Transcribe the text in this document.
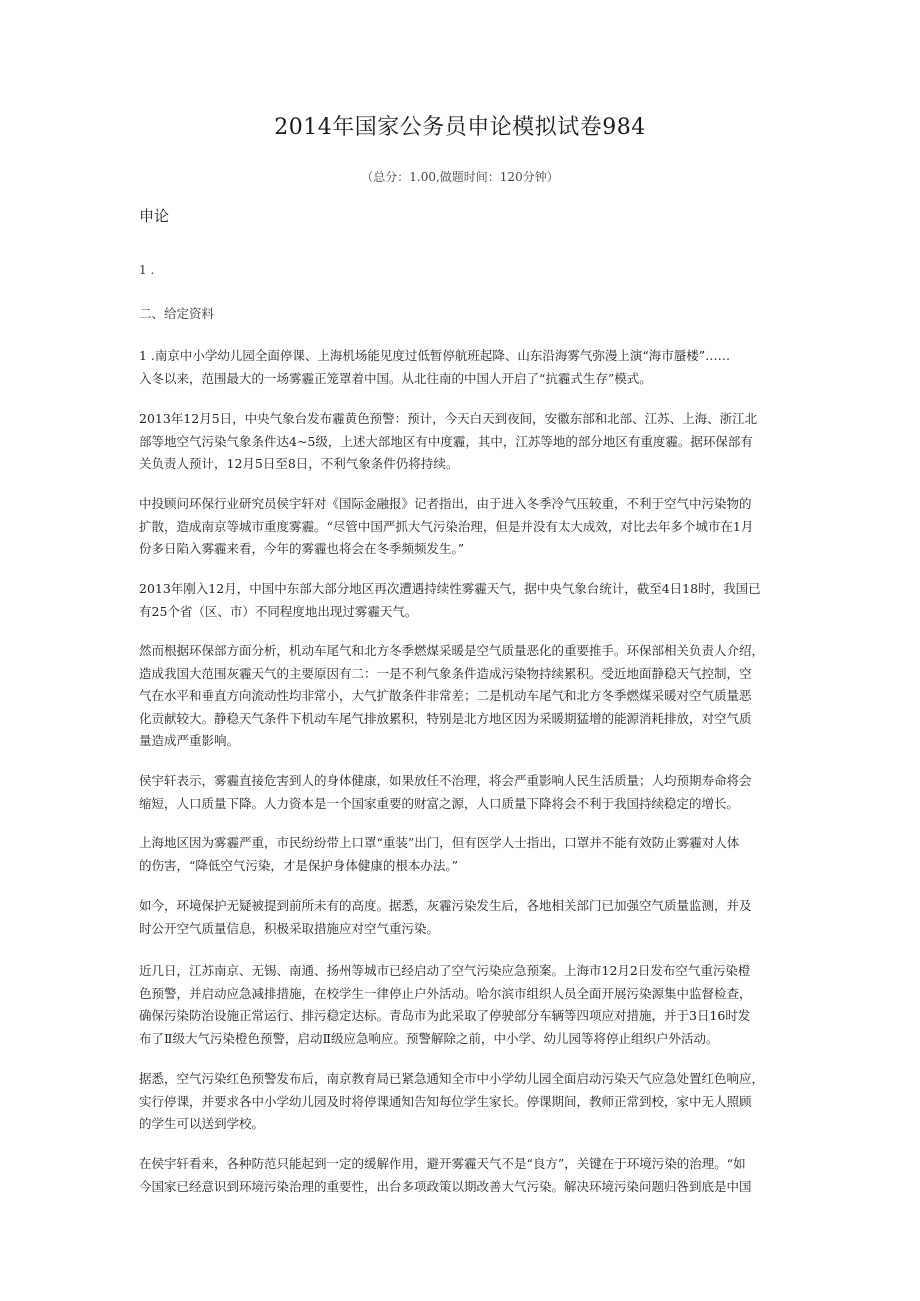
2014年国家公务员申论模拟试卷984
（总分：1.00,做题时间：120分钟）
申论
1 .
二、给定资料
1 .南京中小学幼儿园全面停课、上海机场能见度过低暂停航班起降、山东沿海雾气弥漫上演“海市蜃楼”……
入冬以来，范围最大的一场雾霾正笼罩着中国。从北往南的中国人开启了“抗霾式生存”模式。
2013年12月5日，中央气象台发布霾黄色预警：预计，今天白天到夜间，安徽东部和北部、江苏、上海、浙江北
部等地空气污染气象条件达4~5级，上述大部地区有中度霾，其中，江苏等地的部分地区有重度霾。据环保部有
关负责人预计，12月5日至8日，不利气象条件仍将持续。
中投顾问环保行业研究员侯宇轩对《国际金融报》记者指出，由于进入冬季冷气压较重，不利于空气中污染物的
扩散，造成南京等城市重度雾霾。“尽管中国严抓大气污染治理，但是并没有太大成效，对比去年多个城市在1月
份多日陷入雾霾来看，今年的雾霾也将会在冬季频频发生。”
2013年刚入12月，中国中东部大部分地区再次遭遇持续性雾霾天气，据中央气象台统计，截至4日18时，我国已
有25个省（区、市）不同程度地出现过雾霾天气。
然而根据环保部方面分析，机动车尾气和北方冬季燃煤采暖是空气质量恶化的重要推手。环保部相关负责人介绍，
造成我国大范围灰霾天气的主要原因有二：一是不利气象条件造成污染物持续累积。受近地面静稳天气控制，空
气在水平和垂直方向流动性均非常小，大气扩散条件非常差；二是机动车尾气和北方冬季燃煤采暖对空气质量恶
化贡献较大。静稳天气条件下机动车尾气排放累积，特别是北方地区因为采暖期猛增的能源消耗排放，对空气质
量造成严重影响。
侯宇轩表示，雾霾直接危害到人的身体健康，如果放任不治理，将会严重影响人民生活质量；人均预期寿命将会
缩短，人口质量下降。人力资本是一个国家重要的财富之源，人口质量下降将会不利于我国持续稳定的增长。
上海地区因为雾霾严重，市民纷纷带上口罩“重装”出门，但有医学人士指出，口罩并不能有效防止雾霾对人体
的伤害，“降低空气污染，才是保护身体健康的根本办法。”
如今，环境保护无疑被提到前所未有的高度。据悉，灰霾污染发生后，各地相关部门已加强空气质量监测，并及
时公开空气质量信息，积极采取措施应对空气重污染。
近几日，江苏南京、无锡、南通、扬州等城市已经启动了空气污染应急预案。上海市12月2日发布空气重污染橙
色预警，并启动应急减排措施，在校学生一律停止户外活动。哈尔滨市组织人员全面开展污染源集中监督检查，
确保污染防治设施正常运行、排污稳定达标。青岛市为此采取了停驶部分车辆等四项应对措施，并于3日16时发
布了Ⅱ级大气污染橙色预警，启动Ⅱ级应急响应。预警解除之前，中小学、幼儿园等将停止组织户外活动。
据悉，空气污染红色预警发布后，南京教育局已紧急通知全市中小学幼儿园全面启动污染天气应急处置红色响应，
实行停课，并要求各中小学幼儿园及时将停课通知告知每位学生家长。停课期间，教师正常到校，家中无人照顾
的学生可以送到学校。
在侯宇轩看来，各种防范只能起到一定的缓解作用，避开雾霾天气不是“良方”，关键在于环境污染的治理。“如
今国家已经意识到环境污染治理的重要性，出台多项政策以期改善大气污染。解决环境污染问题归咎到底是中国
